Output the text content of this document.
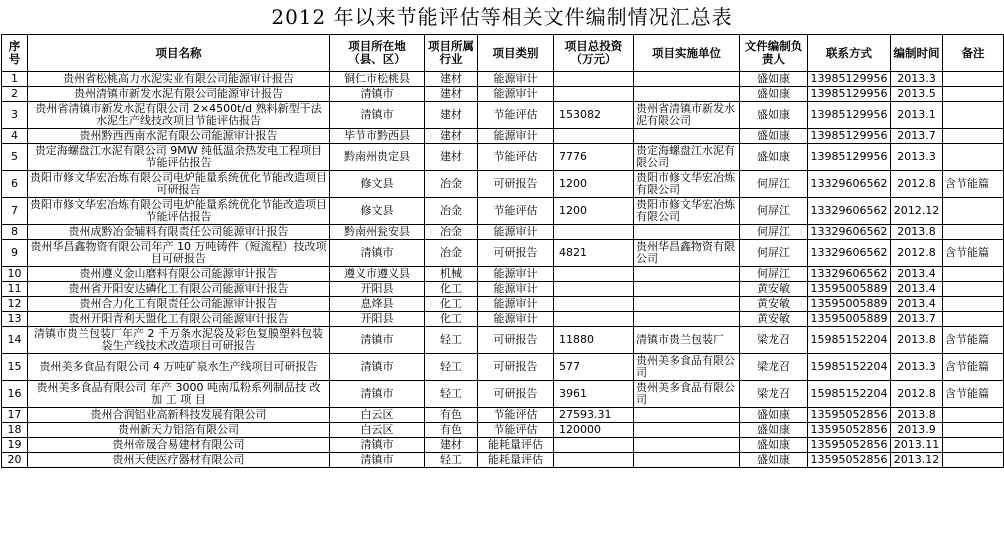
2012 年以来节能评估等相关文件编制情况汇总表
序号	项目名称	项目所在地（县、区）	项目所属行业	项目类别	项目总投资（万元）	项目实施单位	文件编制负责人	联系方式	编制时间	备注
1	贵州省松桃高力水泥实业有限公司能源审计报告	铜仁市松桃县	建材	能源审计			盛如康	13985129956	2013.3	
2	贵州清镇市新发水泥有限公司能源审计报告	清镇市	建材	能源审计			盛如康	13985129956	2013.5	
3	贵州省清镇市新发水泥有限公司 2×4500t/d 熟料新型干法水泥生产线技改项目节能评估报告	清镇市	建材	节能评估	153082	贵州省清镇市新发水泥有限公司	盛如康	13985129956	2013.1	
4	贵州黔西西南水泥有限公司能源审计报告	毕节市黔西县	建材	能源审计			盛如康	13985129956	2013.7	
5	贵定海螺盘江水泥有限公司 9MW 纯低温余热发电工程项目节能评估报告	黔南州贵定县	建材	节能评估	7776	贵定海螺盘江水泥有限公司	盛如康	13985129956	2013.3	
6	贵阳市修文华宏冶炼有限公司电炉能量系统优化节能改造项目可研报告	修文县	冶金	可研报告	1200	贵阳市修文华宏冶炼有限公司	何屏江	13329606562	2012.8	含节能篇
7	贵阳市修文华宏冶炼有限公司电炉能量系统优化节能改造项目节能评估报告	修文县	冶金	节能评估	1200	贵阳市修文华宏冶炼有限公司	何屏江	13329606562	2012.12	
8	贵州成黔冶金辅料有限责任公司能源审计报告	黔南州瓮安县	冶金	能源审计			何屏江	13329606562	2013.8	
9	贵州华昌鑫物资有限公司年产 10 万吨铸件（短流程）技改项目可研报告	清镇市	冶金	可研报告	4821	贵州华昌鑫物资有限公司	何屏江	13329606562	2012.8	含节能篇
10	贵州遵义金山磨料有限公司能源审计报告	遵义市遵义县	机械	能源审计			何屏江	13329606562	2013.4	
11	贵州省开阳安达磷化工有限公司能源审计报告	开阳县	化工	能源审计			黄安敏	13595005889	2013.4	
12	贵州合力化工有限责任公司能源审计报告	息烽县	化工	能源审计			黄安敏	13595005889	2013.4	
13	贵州开阳青利天盟化工有限公司能源审计报告	开阳县	化工	能源审计			黄安敏	13595005889	2013.7	
14	清镇市贵兰包装厂年产 2 千万条水泥袋及彩色复膜塑料包装袋生产线技术改造项目可研报告	清镇市	轻工	可研报告	11880	清镇市贵兰包装厂	梁龙召	15985152204	2013.8	含节能篇
15	贵州美多食品有限公司 4 万吨矿泉水生产线项目可研报告	清镇市	轻工	可研报告	577	贵州美多食品有限公司	梁龙召	15985152204	2013.3	含节能篇
16	贵州美多食品有限公司 年产 3000 吨南瓜粉系列制品技 改 加 工 项 目	清镇市	轻工	可研报告	3961	贵州美多食品有限公司	梁龙召	15985152204	2012.8	含节能篇
17	贵州合润铝业高新科技发展有限公司	白云区	有色	节能评估	27593.31		盛如康	13595052856	2013.8	
18	贵州新天力铝箔有限公司	白云区	有色	节能评估	120000		盛如康	13595052856	2013.9	
19	贵州帝晟合易建材有限公司	清镇市	建材	能耗量评估			盛如康	13595052856	2013.11	
20	贵州天使医疗器材有限公司	清镇市	轻工	能耗量评估			盛如康	13595052856	2013.12	
